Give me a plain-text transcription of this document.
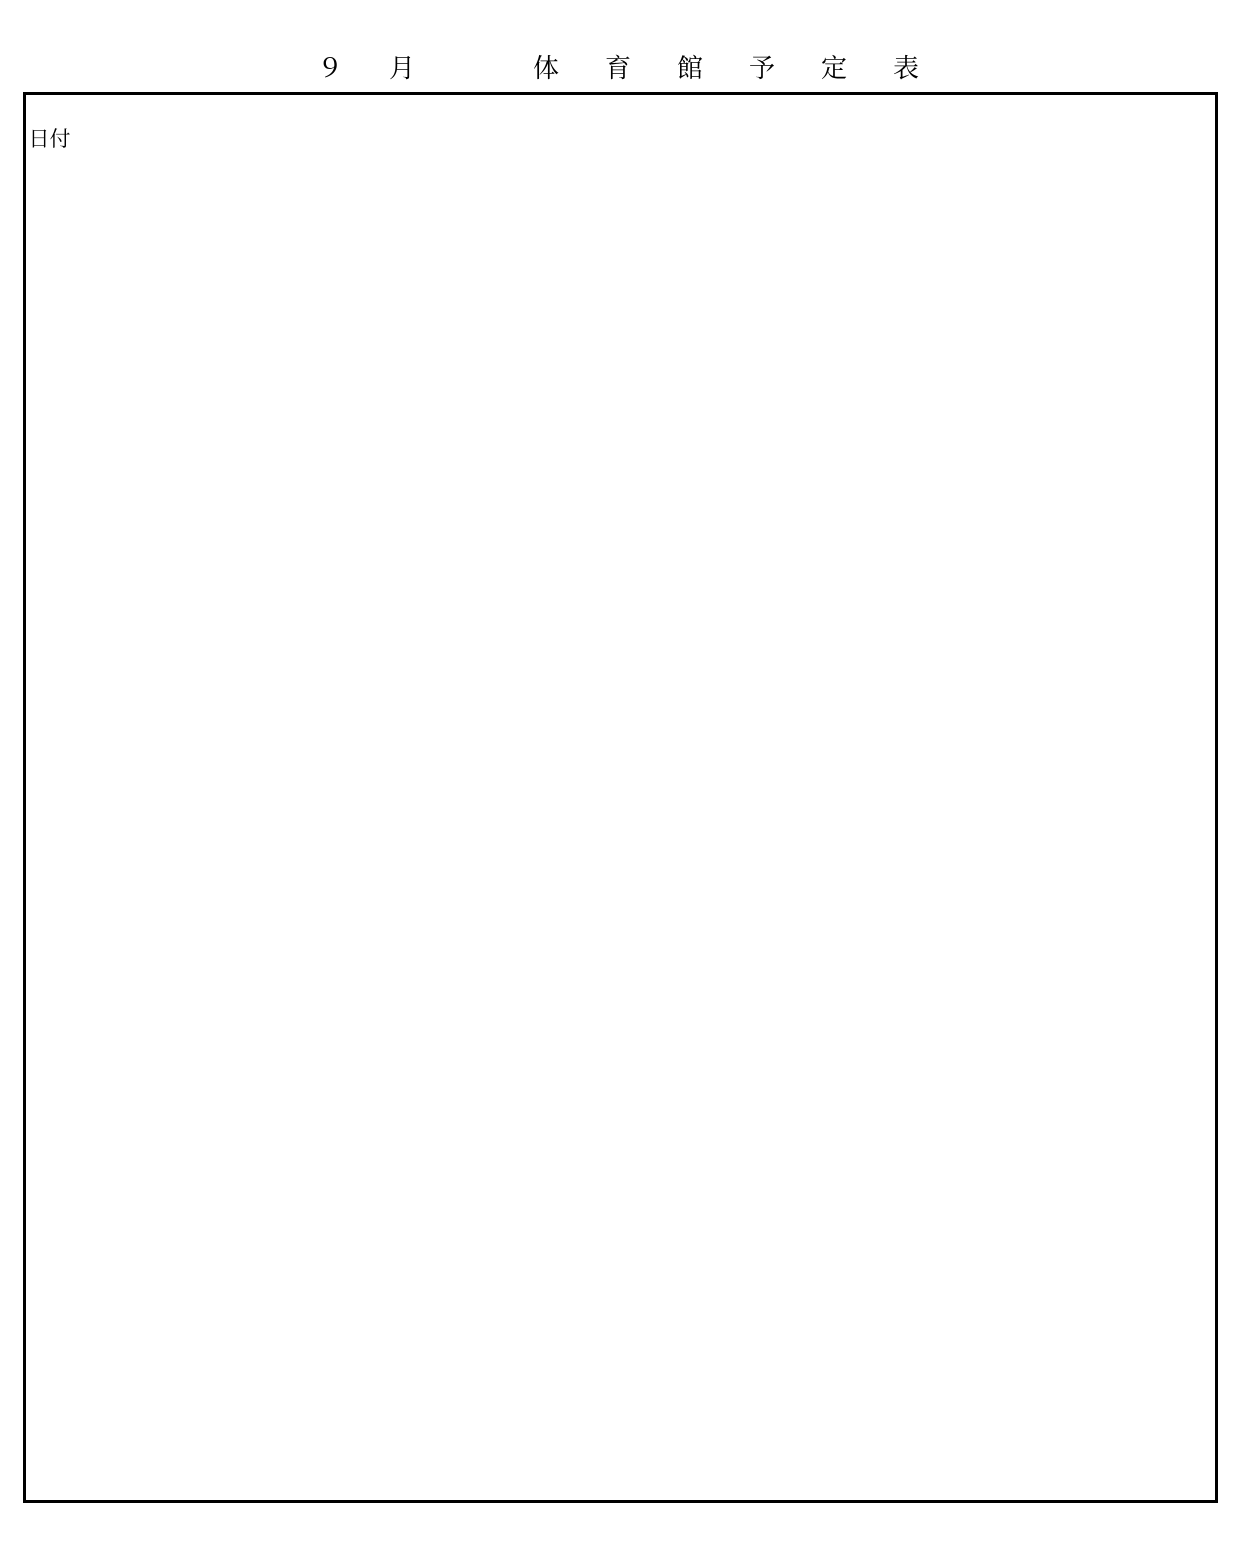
９　月　　　体　育　館　予　定　表
日付
